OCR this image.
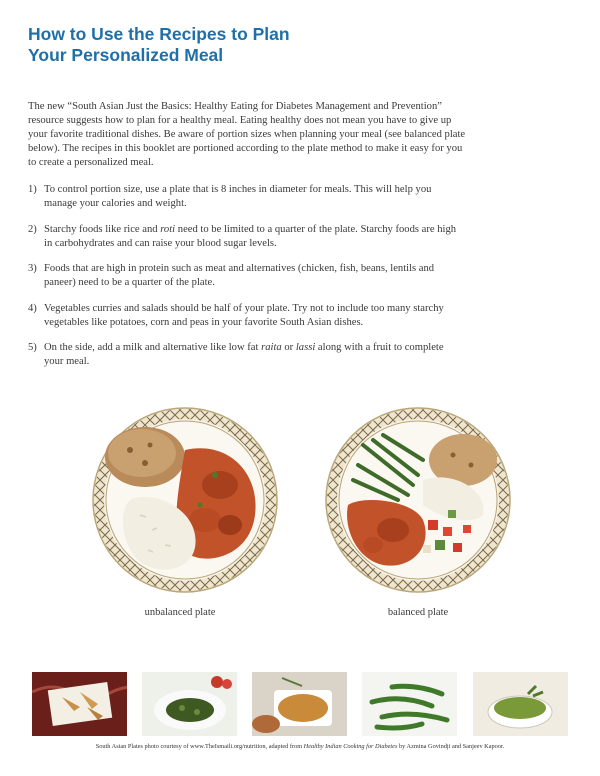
How to Use the Recipes to Plan
Your Personalized Meal

The new “South Asian Just the Basics: Healthy Eating for Diabetes Management and Prevention” resource suggests how to plan for a healthy meal. Eating healthy does not mean you have to give up your favorite traditional dishes. Be aware of portion sizes when planning your meal (see balanced plate below). The recipes in this booklet are portioned according to the plate method to make it easy for you to create a personalized meal.

1) To control portion size, use a plate that is 8 inches in diameter for meals. This will help you manage your calories and weight.
2) Starchy foods like rice and roti need to be limited to a quarter of the plate. Starchy foods are high in carbohydrates and can raise your blood sugar levels.
3) Foods that are high in protein such as meat and alternatives (chicken, fish, beans, lentils and paneer) need to be a quarter of the plate.
4) Vegetables curries and salads should be half of your plate. Try not to include too many starchy vegetables like potatoes, corn and peas in your favorite South Asian dishes.
5) On the side, add a milk and alternative like low fat raita or lassi along with a fruit to complete your meal.
unbalanced plate	balanced plate
South Asian Plates photo courtesy of www.TheIsmaili.org/nutrition, adapted from Healthy Indian Cooking for Diabetes by Azmina Govindji and Sanjeev Kapoor.
